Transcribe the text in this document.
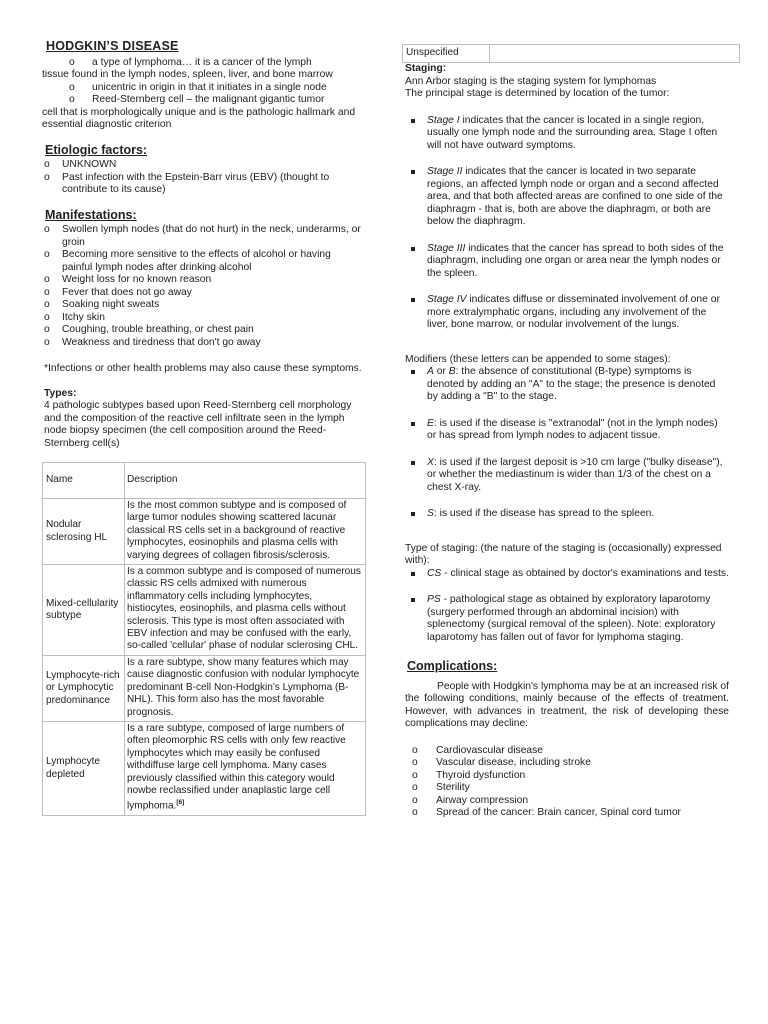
HODGKIN’S DISEASE
o a type of lymphoma… it is a cancer of the lymph
tissue found in the lymph nodes, spleen, liver, and bone marrow
o unicentric in origin in that it initiates in a single node
o Reed-Sternberg cell – the malignant gigantic tumor
cell that is morphologically unique and is the pathologic hallmark and essential diagnostic criterion
Etiologic factors:
o UNKNOWN
o Past infection with the Epstein-Barr virus (EBV) (thought to contribute to its cause)
Manifestations:
o Swollen lymph nodes (that do not hurt) in the neck, underarms, or groin
o Becoming more sensitive to the effects of alcohol or having painful lymph nodes after drinking alcohol
o Weight loss for no known reason
o Fever that does not go away
o Soaking night sweats
o Itchy skin
o Coughing, trouble breathing, or chest pain
o Weakness and tiredness that don't go away
*Infections or other health problems may also cause these symptoms.
Types:
4 pathologic subtypes based upon Reed-Sternberg cell morphology and the composition of the reactive cell infiltrate seen in the lymph node biopsy specimen (the cell composition around the Reed-Sternberg cell(s)
Name	Description
Nodular sclerosing HL	Is the most common subtype and is composed of large tumor nodules showing scattered lacunar classical RS cells set in a background of reactive lymphocytes, eosinophils and plasma cells with varying degrees of collagen fibrosis/sclerosis.
Mixed-cellularity subtype	Is a common subtype and is composed of numerous classic RS cells admixed with numerous inflammatory cells including lymphocytes, histiocytes, eosinophils, and plasma cells without sclerosis. This type is most often associated with EBV infection and may be confused with the early, so-called 'cellular' phase of nodular sclerosing CHL.
Lymphocyte-rich or Lymphocytic predominance	Is a rare subtype, show many features which may cause diagnostic confusion with nodular lymphocyte predominant B-cell Non-Hodgkin's Lymphoma (B-NHL). This form also has the most favorable prognosis.
Lymphocyte depleted	Is a rare subtype, composed of large numbers of often pleomorphic RS cells with only few reactive lymphocytes which may easily be confused withdiffuse large cell lymphoma. Many cases previously classified within this category would nowbe reclassified under anaplastic large cell lymphoma.[6]
Unspecified
Staging:
Ann Arbor staging is the staging system for lymphomas
The principal stage is determined by location of the tumor:
Stage I indicates that the cancer is located in a single region, usually one lymph node and the surrounding area. Stage I often will not have outward symptoms.
Stage II indicates that the cancer is located in two separate regions, an affected lymph node or organ and a second affected area, and that both affected areas are confined to one side of the diaphragm - that is, both are above the diaphragm, or both are below the diaphragm.
Stage III indicates that the cancer has spread to both sides of the diaphragm, including one organ or area near the lymph nodes or the spleen.
Stage IV indicates diffuse or disseminated involvement of one or more extralymphatic organs, including any involvement of the liver, bone marrow, or nodular involvement of the lungs.
Modifiers (these letters can be appended to some stages):
A or B: the absence of constitutional (B-type) symptoms is denoted by adding an "A" to the stage; the presence is denoted by adding a "B" to the stage.
E: is used if the disease is "extranodal" (not in the lymph nodes) or has spread from lymph nodes to adjacent tissue.
X: is used if the largest deposit is >10 cm large ("bulky disease"), or whether the mediastinum is wider than 1/3 of the chest on a chest X-ray.
S: is used if the disease has spread to the spleen.
Type of staging: (the nature of the staging is (occasionally) expressed with):
CS - clinical stage as obtained by doctor's examinations and tests.
PS - pathological stage as obtained by exploratory laparotomy (surgery performed through an abdominal incision) with splenectomy (surgical removal of the spleen). Note: exploratory laparotomy has fallen out of favor for lymphoma staging.
Complications:
People with Hodgkin's lymphoma may be at an increased risk of the following conditions, mainly because of the effects of treatment. However, with advances in treatment, the risk of developing these complications may decline:
o Cardiovascular disease
o Vascular disease, including stroke
o Thyroid dysfunction
o Sterility
o Airway compression
o Spread of the cancer: Brain cancer, Spinal cord tumor
